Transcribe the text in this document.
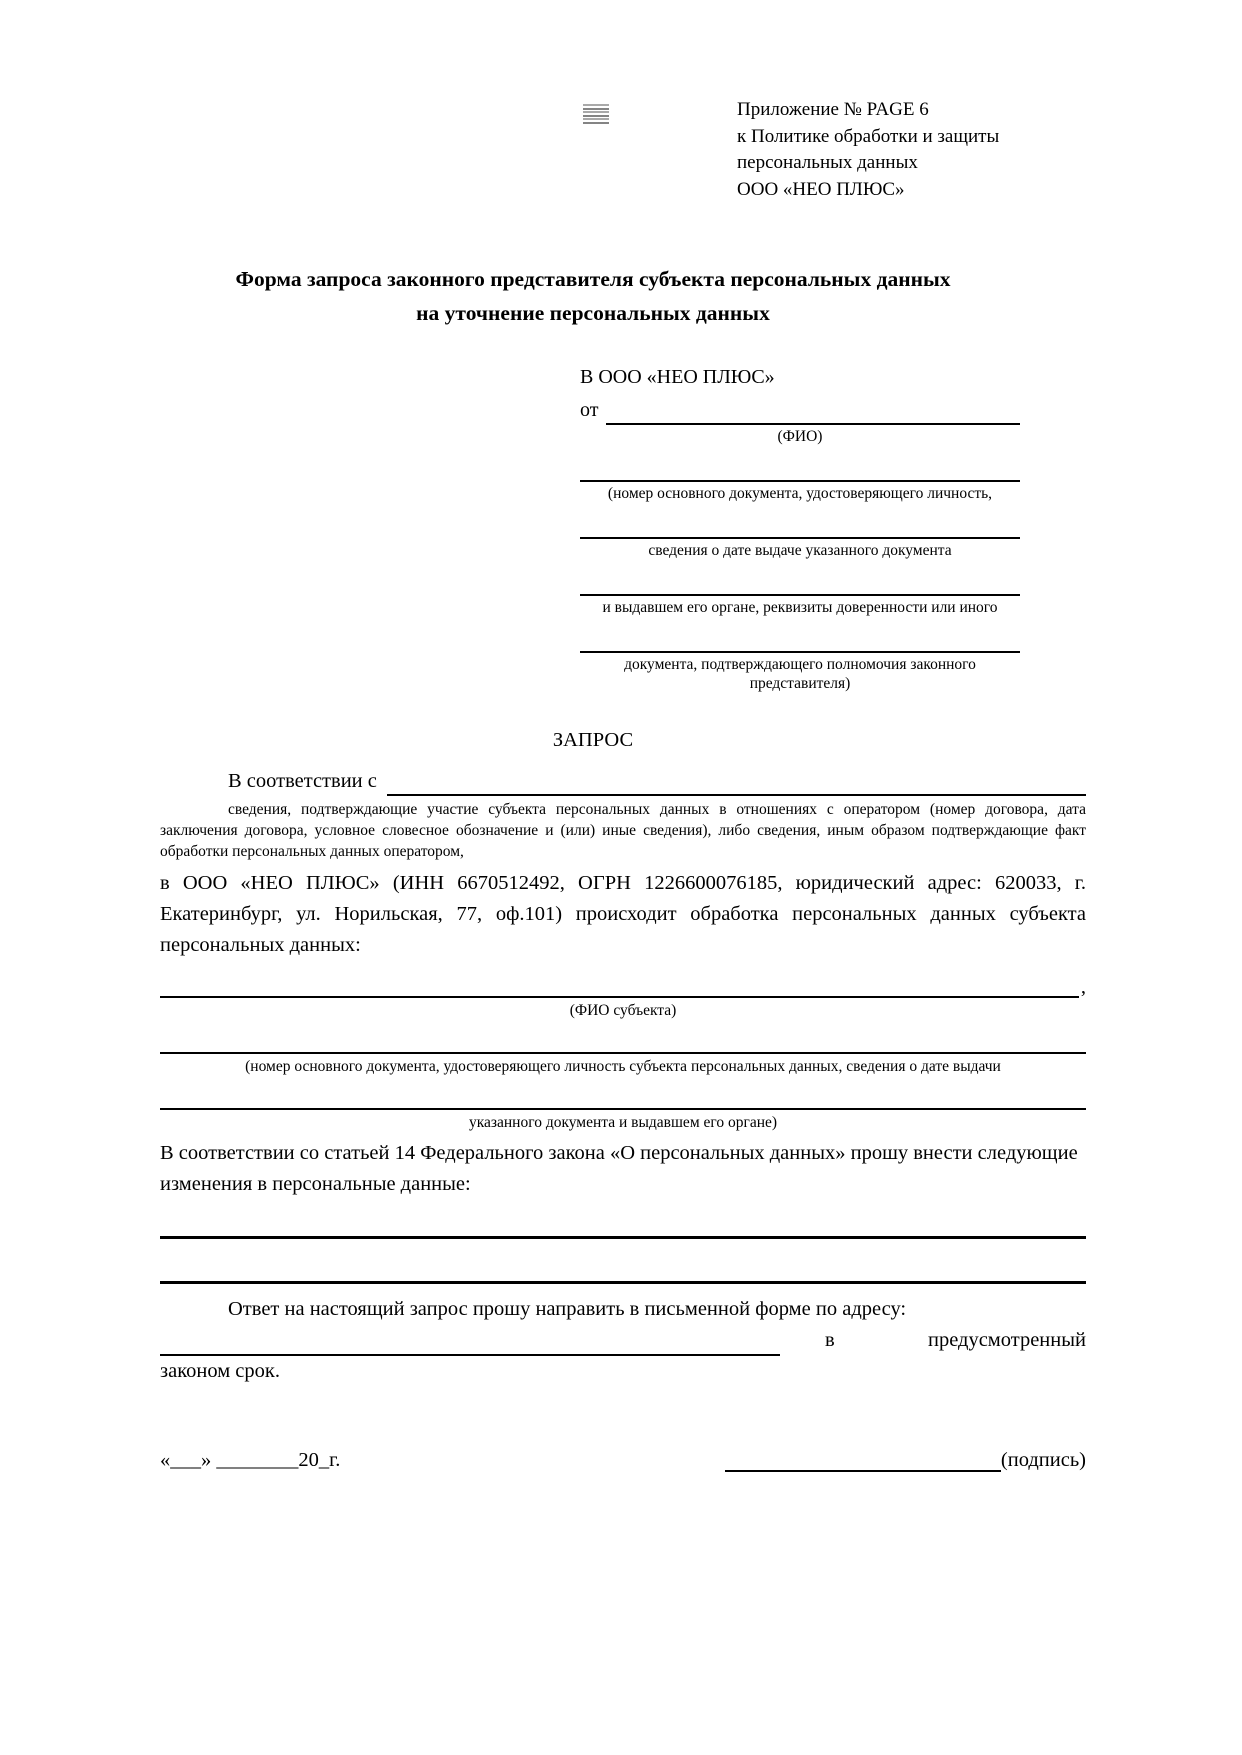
Приложение № PAGE 6
к Политике обработки и защиты
персональных данных
ООО «НЕО ПЛЮС»
Форма запроса законного представителя субъекта персональных данных
на уточнение персональных данных
В ООО «НЕО ПЛЮС»
от
(ФИО)
(номер основного документа, удостоверяющего личность,
сведения о дате выдаче указанного документа
и выдавшем его органе, реквизиты доверенности или иного
документа, подтверждающего полномочия законного представителя)
ЗАПРОС
В соответствии с
сведения, подтверждающие участие субъекта персональных данных в отношениях с оператором (номер договора, дата заключения договора, условное словесное обозначение и (или) иные сведения), либо сведения, иным образом подтверждающие факт обработки персональных данных оператором,
в ООО «НЕО ПЛЮС» (ИНН 6670512492, ОГРН 1226600076185, юридический адрес: 620033, г. Екатеринбург, ул. Норильская, 77, оф.101) происходит обработка персональных данных субъекта персональных данных:
,
(ФИО субъекта)
(номер основного документа, удостоверяющего личность субъекта персональных данных, сведения о дате выдачи
указанного документа и выдавшем его органе)
В соответствии со статьей 14 Федерального закона «О персональных данных» прошу внести следующие изменения в персональные данные:
Ответ на настоящий запрос прошу направить в письменной форме по адресу:
в	предусмотренный
законом срок.
«___» ________20_г.	(подпись)
